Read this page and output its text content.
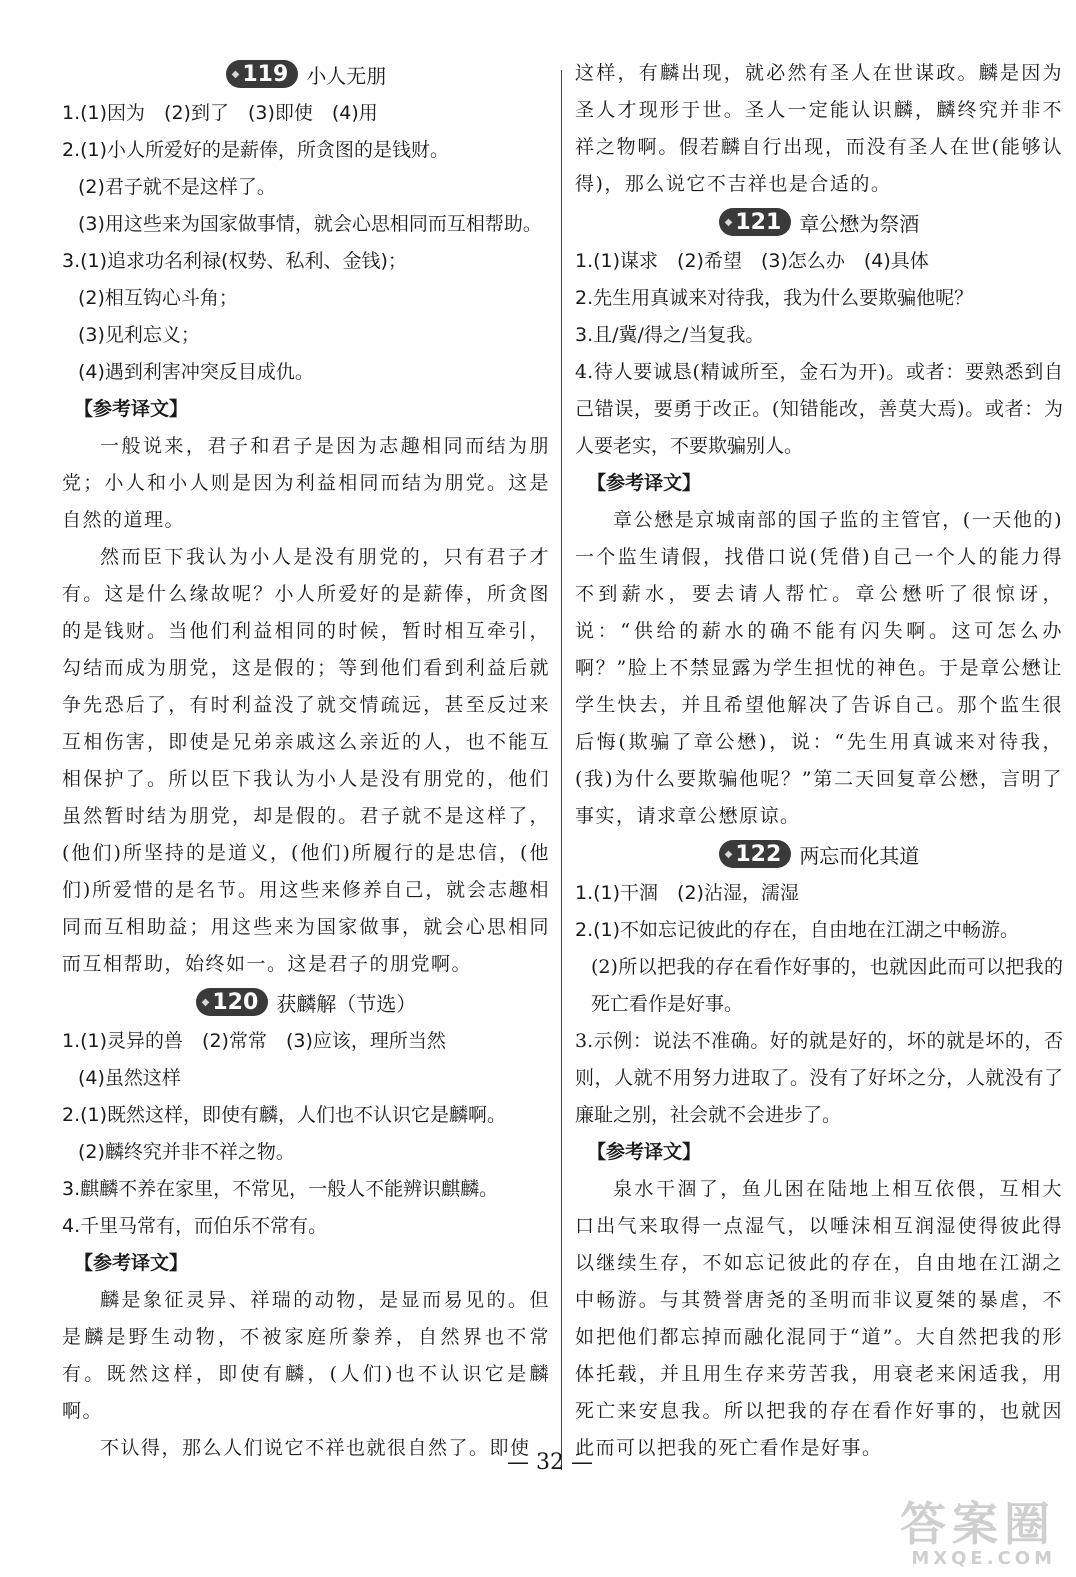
◆ 119 小人无朋
1.(1)因为　(2)到了　(3)即使　(4)用
2.(1)小人所爱好的是薪俸，所贪图的是钱财。
(2)君子就不是这样了。
(3)用这些来为国家做事情，就会心思相同而互相帮助。
3.(1)追求功名利禄(权势、私利、金钱)；
(2)相互钩心斗角；
(3)见利忘义；
(4)遇到利害冲突反目成仇。
【参考译文】

一般说来，君子和君子是因为志趣相同而结为朋党；小人和小人则是因为利益相同而结为朋党。这是自然的道理。

然而臣下我认为小人是没有朋党的，只有君子才有。这是什么缘故呢？小人所爱好的是薪俸，所贪图的是钱财。当他们利益相同的时候，暂时相互牵引，勾结而成为朋党，这是假的；等到他们看到利益后就争先恐后了，有时利益没了就交情疏远，甚至反过来互相伤害，即使是兄弟亲戚这么亲近的人，也不能互相保护了。所以臣下我认为小人是没有朋党的，他们虽然暂时结为朋党，却是假的。君子就不是这样了，(他们)所坚持的是道义，(他们)所履行的是忠信，(他们)所爱惜的是名节。用这些来修养自己，就会志趣相同而互相助益；用这些来为国家做事，就会心思相同而互相帮助，始终如一。这是君子的朋党啊。

◆ 120 获麟解（节选）
1.(1)灵异的兽　(2)常常　(3)应该，理所当然
(4)虽然这样
2.(1)既然这样，即使有麟，人们也不认识它是麟啊。
(2)麟终究并非不祥之物。
3.麒麟不养在家里，不常见，一般人不能辨识麒麟。
4.千里马常有，而伯乐不常有。
【参考译文】

麟是象征灵异、祥瑞的动物，是显而易见的。但是麟是野生动物，不被家庭所豢养，自然界也不常有。既然这样，即使有麟，(人们)也不认识它是麟啊。

不认得，那么人们说它不祥也就很自然了。即使

这样，有麟出现，就必然有圣人在世谋政。麟是因为圣人才现形于世。圣人一定能认识麟，麟终究并非不祥之物啊。假若麟自行出现，而没有圣人在世(能够认得)，那么说它不吉祥也是合适的。

◆ 121 章公懋为祭酒
1.(1)谋求　(2)希望　(3)怎么办　(4)具体
2.先生用真诚来对待我，我为什么要欺骗他呢？
3.且/冀/得之/当复我。

4.待人要诚恳(精诚所至，金石为开)。或者：要熟悉到自己错误，要勇于改正。(知错能改，善莫大焉)。或者：为人要老实，不要欺骗别人。

【参考译文】

章公懋是京城南部的国子监的主管官，(一天他的)一个监生请假，找借口说(凭借)自己一个人的能力得不到薪水，要去请人帮忙。章公懋听了很惊讶，说：“供给的薪水的确不能有闪失啊。这可怎么办啊？”脸上不禁显露为学生担忧的神色。于是章公懋让学生快去，并且希望他解决了告诉自己。那个监生很后悔(欺骗了章公懋)，说：“先生用真诚来对待我，(我)为什么要欺骗他呢？”第二天回复章公懋，言明了事实，请求章公懋原谅。

◆ 122 两忘而化其道
1.(1)干涸　(2)沾湿，濡湿
2.(1)不如忘记彼此的存在，自由地在江湖之中畅游。

(2)所以把我的存在看作好事的，也就因此而可以把我的死亡看作是好事。

3.示例：说法不准确。好的就是好的，坏的就是坏的，否则，人就不用努力进取了。没有了好坏之分，人就没有了廉耻之别，社会就不会进步了。

【参考译文】

泉水干涸了，鱼儿困在陆地上相互依偎，互相大口出气来取得一点湿气，以唾沫相互润湿使得彼此得以继续生存，不如忘记彼此的存在，自由地在江湖之中畅游。与其赞誉唐尧的圣明而非议夏桀的暴虐，不如把他们都忘掉而融化混同于“道”。大自然把我的形体托载，并且用生存来劳苦我，用衰老来闲适我，用死亡来安息我。所以把我的存在看作好事的，也就因此而可以把我的死亡看作是好事。

— 32 —
答案圈
MXQE.COM
